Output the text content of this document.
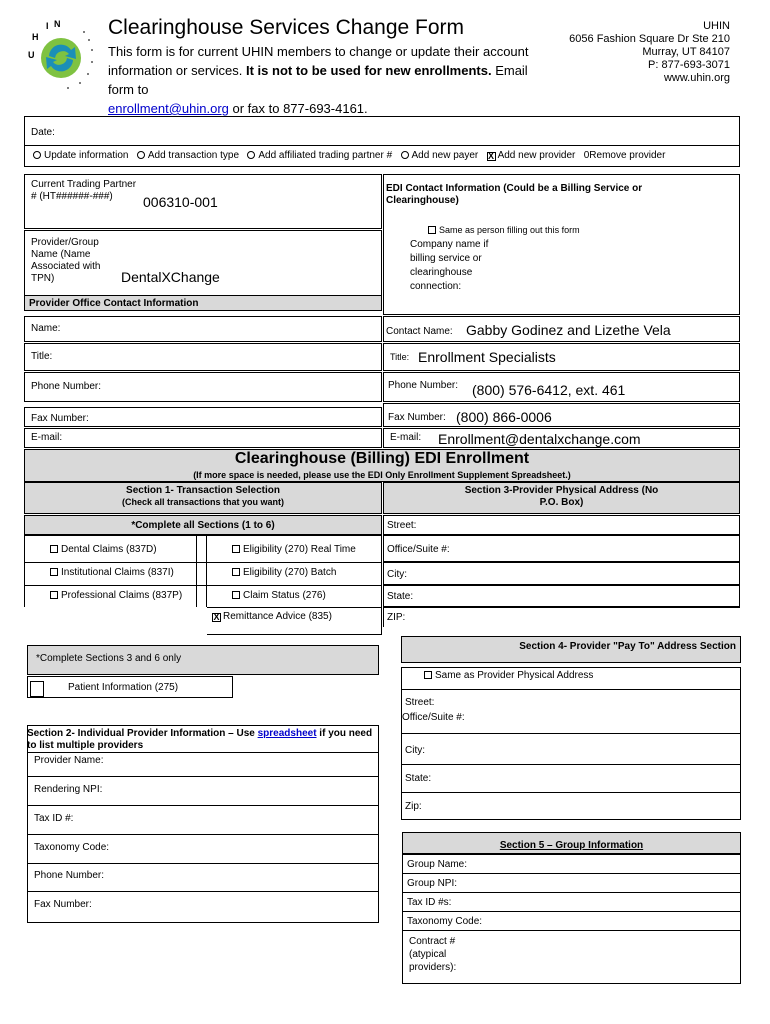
U
H
I N Clearinghouse Services Change Form
This form is for current UHIN members to change or update their account
information or services. It is not to be used for new enrollments. Email form to
enrollment@uhin.org or fax to 877-693-4161.
UHIN
6056 Fashion Square Dr Ste 210
Murray, UT 84107
P: 877-693-3071
www.uhin.org
Date:
Update information Add transaction type Add affiliated trading partner # Add new payer X Add new provider 0Remove provider
Current Trading Partner # (HT######-###)	006310-001
Provider/Group Name (Name Associated with TPN)	DentalXChange
Provider Office Contact Information
Name:
Title:
Phone Number:
Fax Number:
E-mail:
EDI Contact Information (Could be a Billing Service or Clearinghouse)
Same as person filling out this form
Company name if billing service or clearinghouse connection:
Contact Name: Gabby Godinez and Lizethe Vela
Title: Enrollment Specialists
Phone Number: (800) 576-6412, ext. 461
Fax Number: (800) 866-0006
E-mail: Enrollment@dentalxchange.com
Clearinghouse (Billing) EDI Enrollment
(If more space is needed, please use the EDI Only Enrollment Supplement Spreadsheet.)
Section 1- Transaction Selection
(Check all transactions that you want)
Section 3-Provider Physical Address (No P.O. Box)
*Complete all Sections (1 to 6)
Dental Claims (837D)
Institutional Claims (837I)
Professional Claims (837P)
Eligibility (270) Real Time
Eligibility (270) Batch
Claim Status (276)
X Remittance Advice (835)
Street:
Office/Suite #:
City:
State:
ZIP:
*Complete Sections 3 and 6 only
Patient Information (275)
Section 4- Provider "Pay To" Address Section
Same as Provider Physical Address
Street:
Office/Suite #:
City:
State:
Zip:
Section 2- Individual Provider Information – Use spreadsheet if you need to list multiple providers
Provider Name:
Rendering NPI:
Tax ID #:
Taxonomy Code:
Phone Number:
Fax Number:
Section 5 – Group Information
Group Name:
Group NPI:
Tax ID #s:
Taxonomy Code:
Contract #(atypical providers):
